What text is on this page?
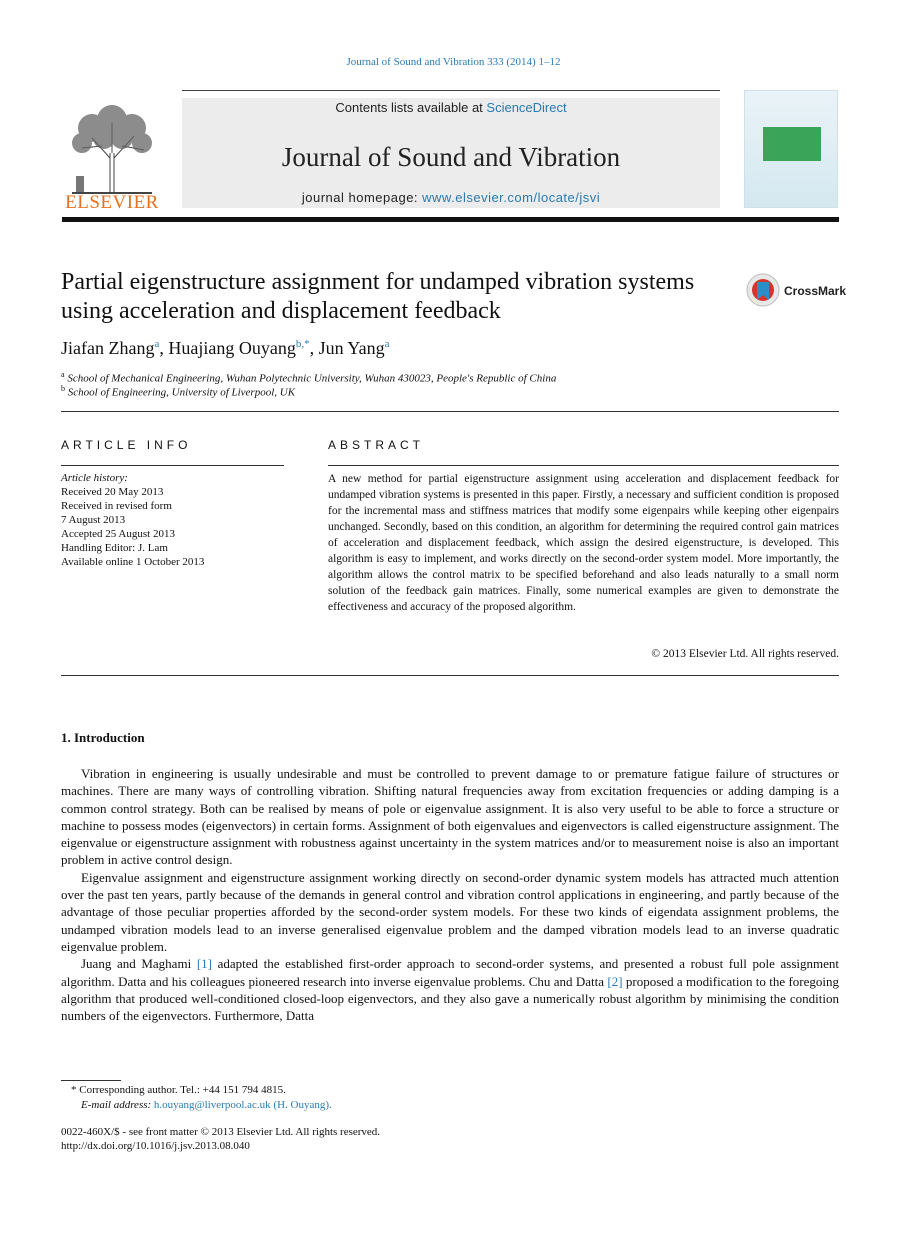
Journal of Sound and Vibration 333 (2014) 1–12
ELSEVIER
Contents lists available at ScienceDirect
Journal of Sound and Vibration
journal homepage: www.elsevier.com/locate/jsvi
Partial eigenstructure assignment for undamped vibration systems using acceleration and displacement feedback
CrossMark
Jiafan Zhang$^a$, Huajiang Ouyang$^{b,*}$, Jun Yang$^a$
$^a$ School of Mechanical Engineering, Wuhan Polytechnic University, Wuhan 430023, People's Republic of China
$^b$ School of Engineering, University of Liverpool, UK
ARTICLE INFO	ABSTRACT
Article history:
Received 20 May 2013
Received in revised form
7 August 2013
Accepted 25 August 2013
Handling Editor: J. Lam
Available online 1 October 2013
A new method for partial eigenstructure assignment using acceleration and displacement feedback for undamped vibration systems is presented in this paper. Firstly, a necessary and sufficient condition is proposed for the incremental mass and stiffness matrices that modify some eigenpairs while keeping other eigenpairs unchanged. Secondly, based on this condition, an algorithm for determining the required control gain matrices of acceleration and displacement feedback, which assign the desired eigenstructure, is developed. This algorithm is easy to implement, and works directly on the second-order system model. More importantly, the algorithm allows the control matrix to be specified beforehand and also leads naturally to a small norm solution of the feedback gain matrices. Finally, some numerical examples are given to demonstrate the effectiveness and accuracy of the proposed algorithm.
© 2013 Elsevier Ltd. All rights reserved.
1. Introduction

Vibration in engineering is usually undesirable and must be controlled to prevent damage to or premature fatigue failure of structures or machines. There are many ways of controlling vibration. Shifting natural frequencies away from excitation frequencies or adding damping is a common control strategy. Both can be realised by means of pole or eigenvalue assignment. It is also very useful to be able to force a structure or machine to possess modes (eigenvectors) in certain forms. Assignment of both eigenvalues and eigenvectors is called eigenstructure assignment. The eigenvalue or eigenstructure assignment with robustness against uncertainty in the system matrices and/or to measurement noise is also an important problem in active control design.

Eigenvalue assignment and eigenstructure assignment working directly on second-order dynamic system models has attracted much attention over the past ten years, partly because of the demands in general control and vibration control applications in engineering, and partly because of the advantage of those peculiar properties afforded by the second-order system models. For these two kinds of eigendata assignment problems, the undamped vibration models lead to an inverse generalised eigenvalue problem and the damped vibration models lead to an inverse quadratic eigenvalue problem.

Juang and Maghami [1] adapted the established first-order approach to second-order systems, and presented a robust full pole assignment algorithm. Datta and his colleagues pioneered research into inverse eigenvalue problems. Chu and Datta [2] proposed a modification to the foregoing algorithm that produced well-conditioned closed-loop eigenvectors, and they also gave a numerically robust algorithm by minimising the condition numbers of the eigenvectors. Furthermore, Datta

* Corresponding author. Tel.: +44 151 794 4815.
E-mail address: h.ouyang@liverpool.ac.uk (H. Ouyang).
0022-460X/$ - see front matter © 2013 Elsevier Ltd. All rights reserved.
http://dx.doi.org/10.1016/j.jsv.2013.08.040
